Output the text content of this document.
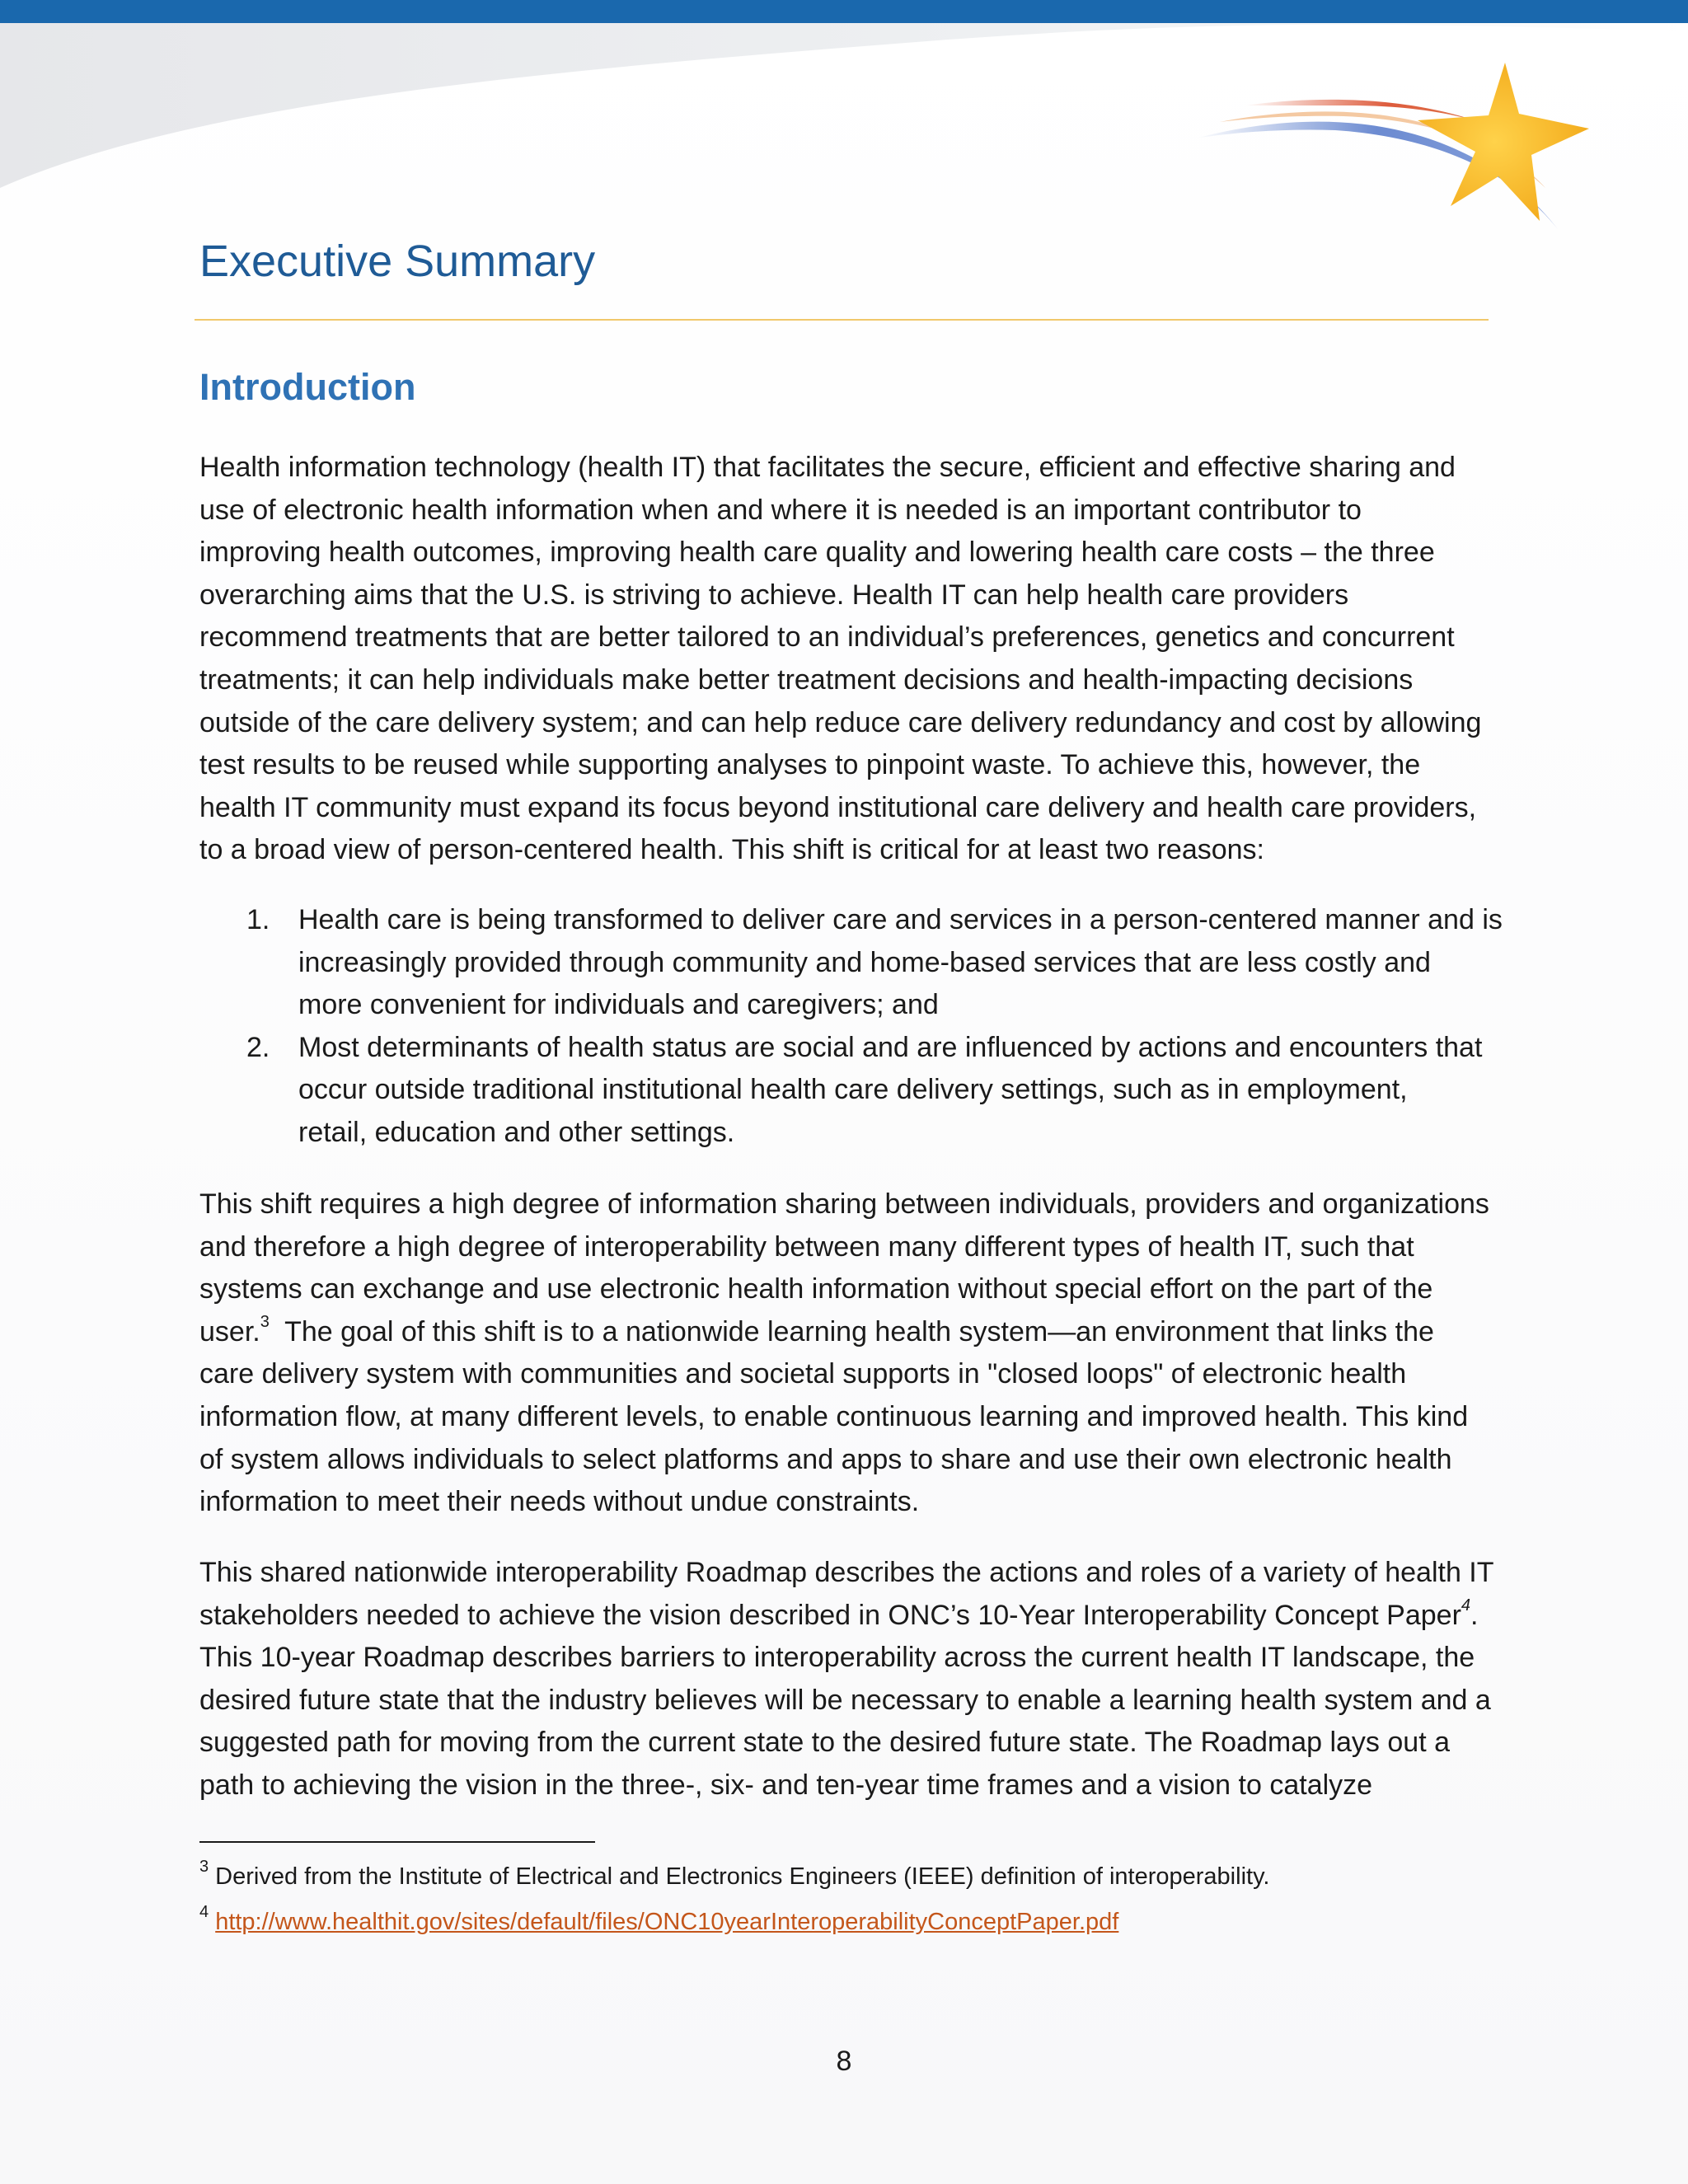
Executive Summary
Introduction

Health information technology (health IT) that facilitates the secure, efficient and effective sharing and
use of electronic health information when and where it is needed is an important contributor to
improving health outcomes, improving health care quality and lowering health care costs – the three
overarching aims that the U.S. is striving to achieve. Health IT can help health care providers
recommend treatments that are better tailored to an individual’s preferences, genetics and concurrent
treatments; it can help individuals make better treatment decisions and health-impacting decisions
outside of the care delivery system; and can help reduce care delivery redundancy and cost by allowing
test results to be reused while supporting analyses to pinpoint waste. To achieve this, however, the
health IT community must expand its focus beyond institutional care delivery and health care providers,
to a broad view of person-centered health. This shift is critical for at least two reasons:

1. Health care is being transformed to deliver care and services in a person-centered manner and is
increasingly provided through community and home-based services that are less costly and
more convenient for individuals and caregivers; and
2. Most determinants of health status are social and are influenced by actions and encounters that
occur outside traditional institutional health care delivery settings, such as in employment,
retail, education and other settings.

This shift requires a high degree of information sharing between individuals, providers and organizations
and therefore a high degree of interoperability between many different types of health IT, such that
systems can exchange and use electronic health information without special effort on the part of the
user.$^3$  The goal of this shift is to a nationwide learning health system—an environment that links the
care delivery system with communities and societal supports in "closed loops" of electronic health
information flow, at many different levels, to enable continuous learning and improved health. This kind
of system allows individuals to select platforms and apps to share and use their own electronic health
information to meet their needs without undue constraints.

This shared nationwide interoperability Roadmap describes the actions and roles of a variety of health IT
stakeholders needed to achieve the vision described in ONC’s 10-Year Interoperability Concept Paper$^4$.
This 10-year Roadmap describes barriers to interoperability across the current health IT landscape, the
desired future state that the industry believes will be necessary to enable a learning health system and a
suggested path for moving from the current state to the desired future state. The Roadmap lays out a
path to achieving the vision in the three-, six- and ten-year time frames and a vision to catalyze

$^3$ Derived from the Institute of Electrical and Electronics Engineers (IEEE) definition of interoperability.
$^4$ http://www.healthit.gov/sites/default/files/ONC10yearInteroperabilityConceptPaper.pdf
8
